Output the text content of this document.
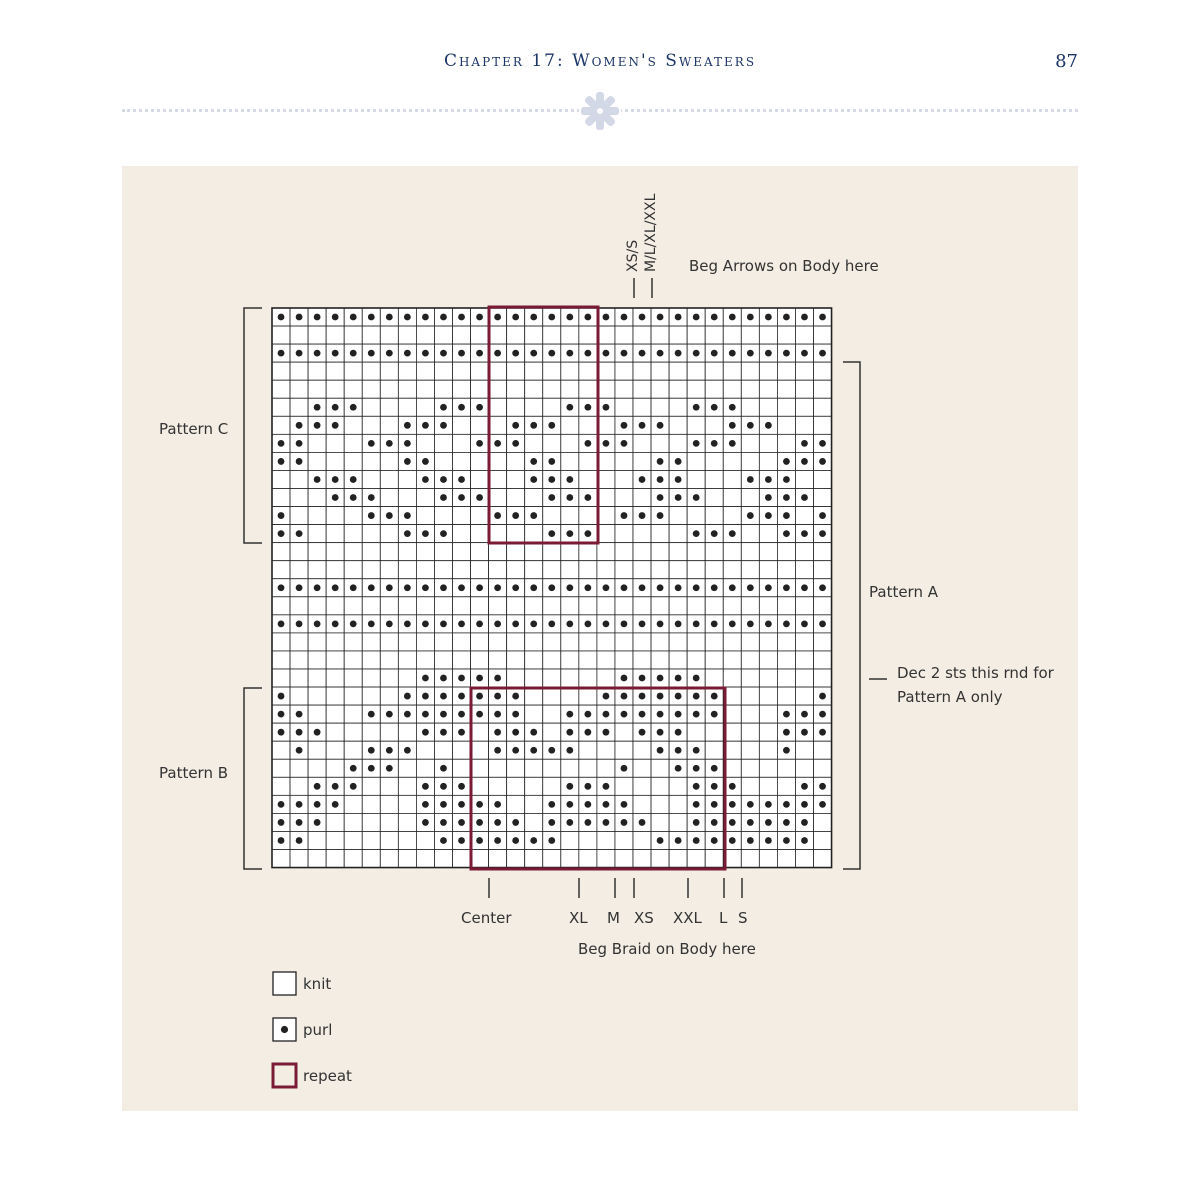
Chapter 17: Women's Sweaters	87
Pattern C
Pattern B
Pattern A
XS/S M/L/XL/XXL Beg Arrows on Body here
Dec 2 sts this rnd for
Pattern A only
Center	XL M XS XXL L S
Beg Braid on Body here
knit
purl
repeat
